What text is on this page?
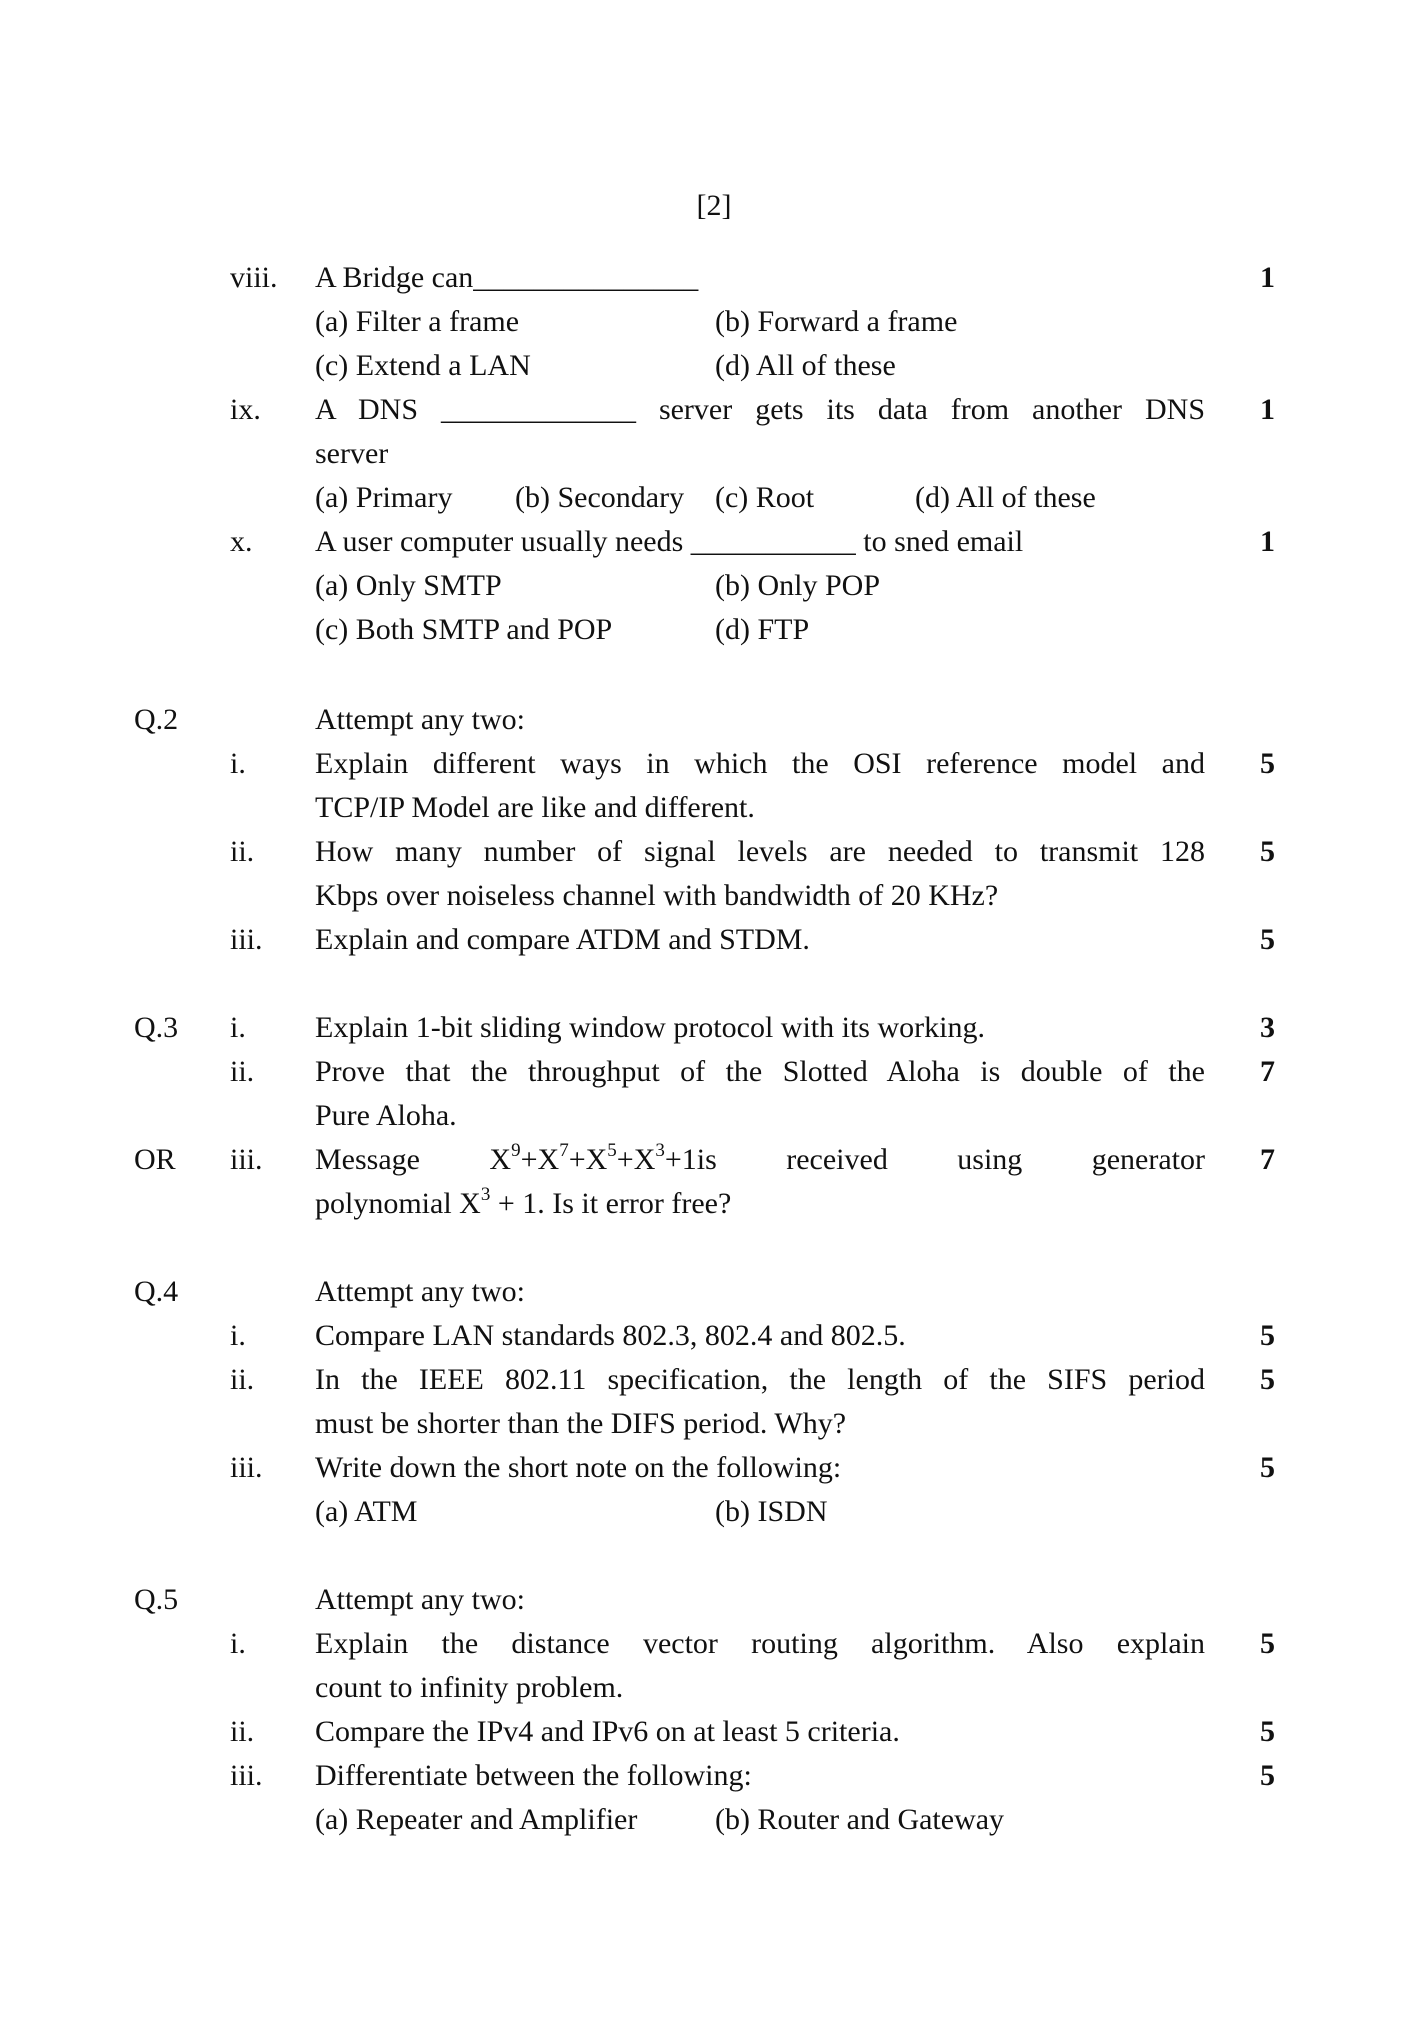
[2]
viii. A Bridge can_______________	1
(a) Filter a frame	(b) Forward a frame
(c) Extend a LAN	(d) All of these
ix. A DNS _____________ server gets its data from another DNS	1
server
(a) Primary (b) Secondary (c) Root	(d) All of these
x. A user computer usually needs ___________ to sned email	1
(a) Only SMTP	(b) Only POP
(c) Both SMTP and POP	(d) FTP
Q.2	Attempt any two:
i. Explain different ways in which the OSI reference model and	5
TCP/IP Model are like and different.
ii. How many number of signal levels are needed to transmit 128	5
Kbps over noiseless channel with bandwidth of 20 KHz?
iii. Explain and compare ATDM and STDM.	5
Q.3 i. Explain 1-bit sliding window protocol with its working.	3
ii. Prove that the throughput of the Slotted Aloha is double of the	7
Pure Aloha.
OR iii. Message $X^9+X^7+X^5+X^3+1is$ received using generator	7
polynomial $X^3 + 1$. Is it error free?
Q.4	Attempt any two:
i. Compare LAN standards 802.3, 802.4 and 802.5.	5
ii. In the IEEE 802.11 specification, the length of the SIFS period	5
must be shorter than the DIFS period. Why?
iii. Write down the short note on the following:	5
(a) ATM	(b) ISDN
Q.5	Attempt any two:
i. Explain the distance vector routing algorithm. Also explain	5
count to infinity problem.
ii. Compare the IPv4 and IPv6 on at least 5 criteria.	5
iii. Differentiate between the following:	5
(a) Repeater and Amplifier	(b) Router and Gateway
